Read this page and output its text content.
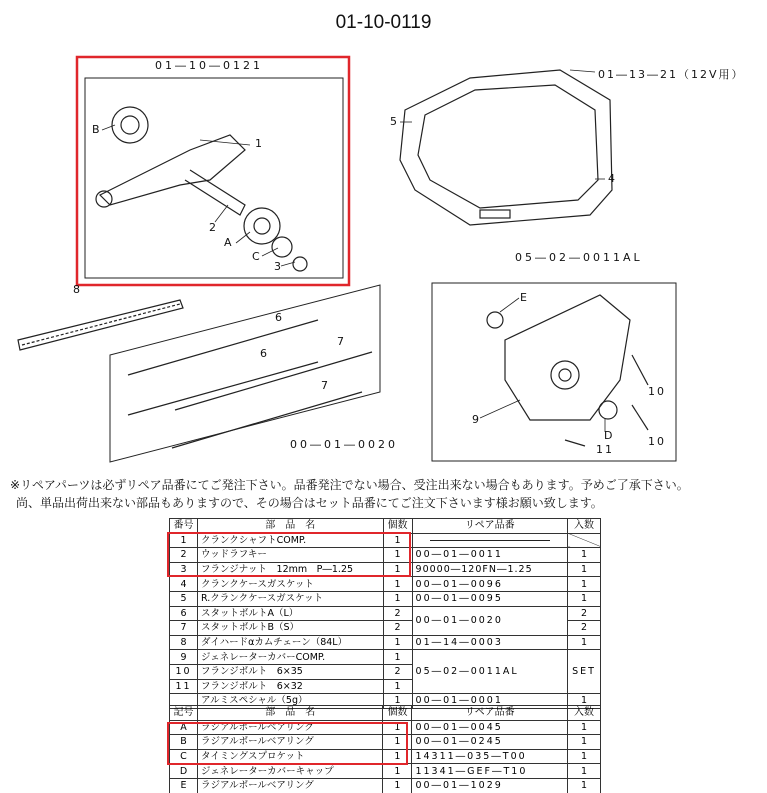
01-10-0119
01―10―0121
01―13―21（12V用）
05―02―0011AL
00―01―0020
B
1
2
A
C
3
5
4
8
6
6
7
7
E
9
D
10
10
11
※リペアパーツは必ずリペア品番にてご発注下さい。品番発注でない場合、受注出来ない場合もあります。予めご了承下さい。
尚、単品出荷出来ない部品もありますので、その場合はセット品番にてご注文下さいます様お願い致します。
番号	部　品　名	個数	リペア品番	入数
1	クランクシャフトCOMP.	1	

2	ウッドラフキー	1	00―01―0011	1
3	フランジナット　12mm　P―1.25	1	90000―120FN―1.25	1
4	クランクケースガスケット	1	00―01―0096	1
5	R.クランクケースガスケット	1	00―01―0095	1
6	スタットボルトA（L）	2	00―01―0020	2
7	スタットボルトB（S）	2		2
8	ダイハードαカムチェーン（84L）	1	01―14―0003	1
9	ジェネレーターカバーCOMP.	1	05―02―0011AL	SET
10	フランジボルト　6×35	2		
11	フランジボルト　6×32	1		
	アルミスペシャル（5g）	1	00―01―0001	1
記号	部　品　名	個数	リペア品番	入数
A	ラジアルボールベアリング	1	00―01―0045	1
B	ラジアルボールベアリング	1	00―01―0245	1
C	タイミングスプロケット	1	14311―035―T00	1
D	ジェネレーターカバーキャップ	1	11341―GEF―T10	1
E	ラジアルボールベアリング	1	00―01―1029	1
